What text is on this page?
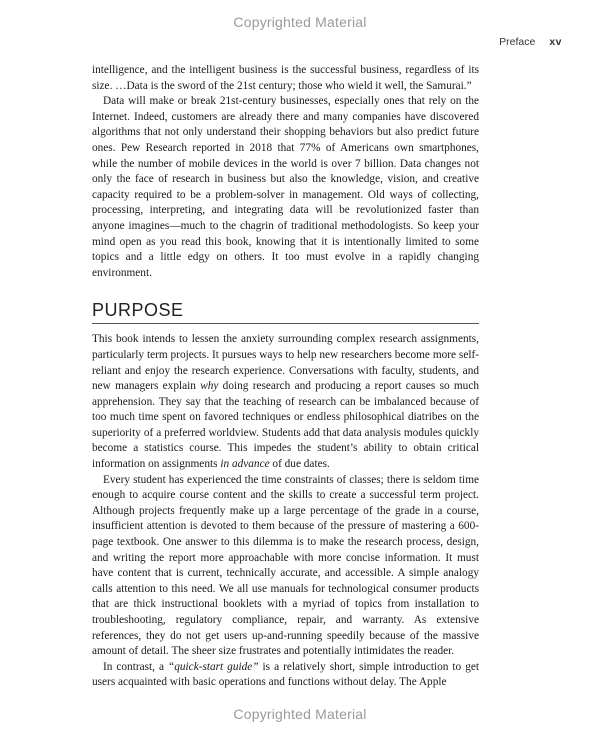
Copyrighted Material
Preface xv

intelligence, and the intelligent business is the successful business, regardless of its size. …Data is the sword of the 21st century; those who wield it well, the Samurai.”

Data will make or break 21st-century businesses, especially ones that rely on the Internet. Indeed, customers are already there and many companies have discovered algorithms that not only understand their shopping behaviors but also predict future ones. Pew Research reported in 2018 that 77% of Americans own smartphones, while the number of mobile devices in the world is over 7 billion. Data changes not only the face of research in business but also the knowledge, vision, and creative capacity required to be a problem-solver in management. Old ways of collecting, processing, interpreting, and integrating data will be revolutionized faster than anyone imagines—much to the chagrin of traditional methodologists. So keep your mind open as you read this book, knowing that it is intentionally limited to some topics and a little edgy on others. It too must evolve in a rapidly changing environment.

PURPOSE

This book intends to lessen the anxiety surrounding complex research assignments, particularly term projects. It pursues ways to help new researchers become more self-reliant and enjoy the research experience. Conversations with faculty, students, and new managers explain why doing research and producing a report causes so much apprehension. They say that the teaching of research can be imbalanced because of too much time spent on favored techniques or endless philosophical diatribes on the superiority of a preferred worldview. Students add that data analysis modules quickly become a statistics course. This impedes the student’s ability to obtain critical information on assignments in advance of due dates.

Every student has experienced the time constraints of classes; there is seldom time enough to acquire course content and the skills to create a successful term project. Although projects frequently make up a large percentage of the grade in a course, insufficient attention is devoted to them because of the pressure of mastering a 600-page textbook. One answer to this dilemma is to make the research process, design, and writing the report more approachable with more concise information. It must have content that is current, technically accurate, and accessible. A simple analogy calls attention to this need. We all use manuals for technological consumer products that are thick instructional booklets with a myriad of topics from installation to troubleshooting, regulatory compliance, repair, and warranty. As extensive references, they do not get users up-and-running speedily because of the massive amount of detail. The sheer size frustrates and potentially intimidates the reader.

In contrast, a “quick-start guide” is a relatively short, simple introduction to get users acquainted with basic operations and functions without delay. The Apple

Copyrighted Material
